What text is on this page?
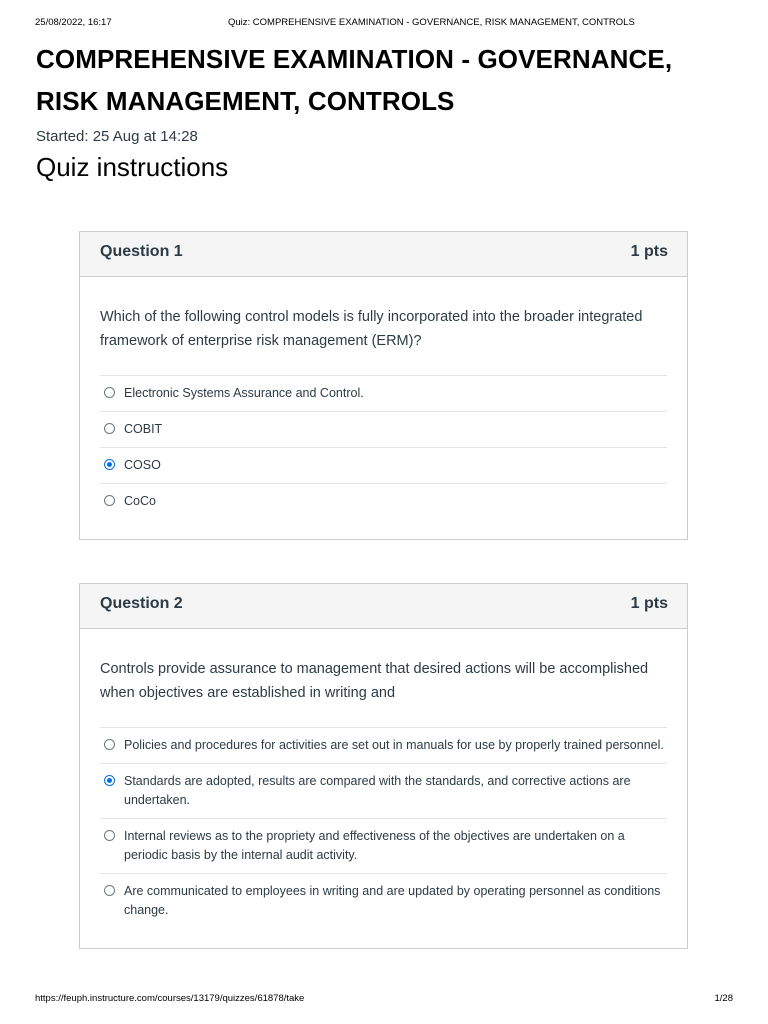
25/08/2022, 16:17	Quiz: COMPREHENSIVE EXAMINATION - GOVERNANCE, RISK MANAGEMENT, CONTROLS
COMPREHENSIVE EXAMINATION - GOVERNANCE, RISK MANAGEMENT, CONTROLS
Started: 25 Aug at 14:28
Quiz instructions
Question 1	1 pts

Which of the following control models is fully incorporated into the broader integrated framework of enterprise risk management (ERM)?

Electronic Systems Assurance and Control.
COBIT
COSO
CoCo
Question 2	1 pts

Controls provide assurance to management that desired actions will be accomplished when objectives are established in writing and

Policies and procedures for activities are set out in manuals for use by properly trained personnel.
Standards are adopted, results are compared with the standards, and corrective actions are undertaken.
Internal reviews as to the propriety and effectiveness of the objectives are undertaken on a periodic basis by the internal audit activity.
Are communicated to employees in writing and are updated by operating personnel as conditions change.
https://feuph.instructure.com/courses/13179/quizzes/61878/take	1/28
